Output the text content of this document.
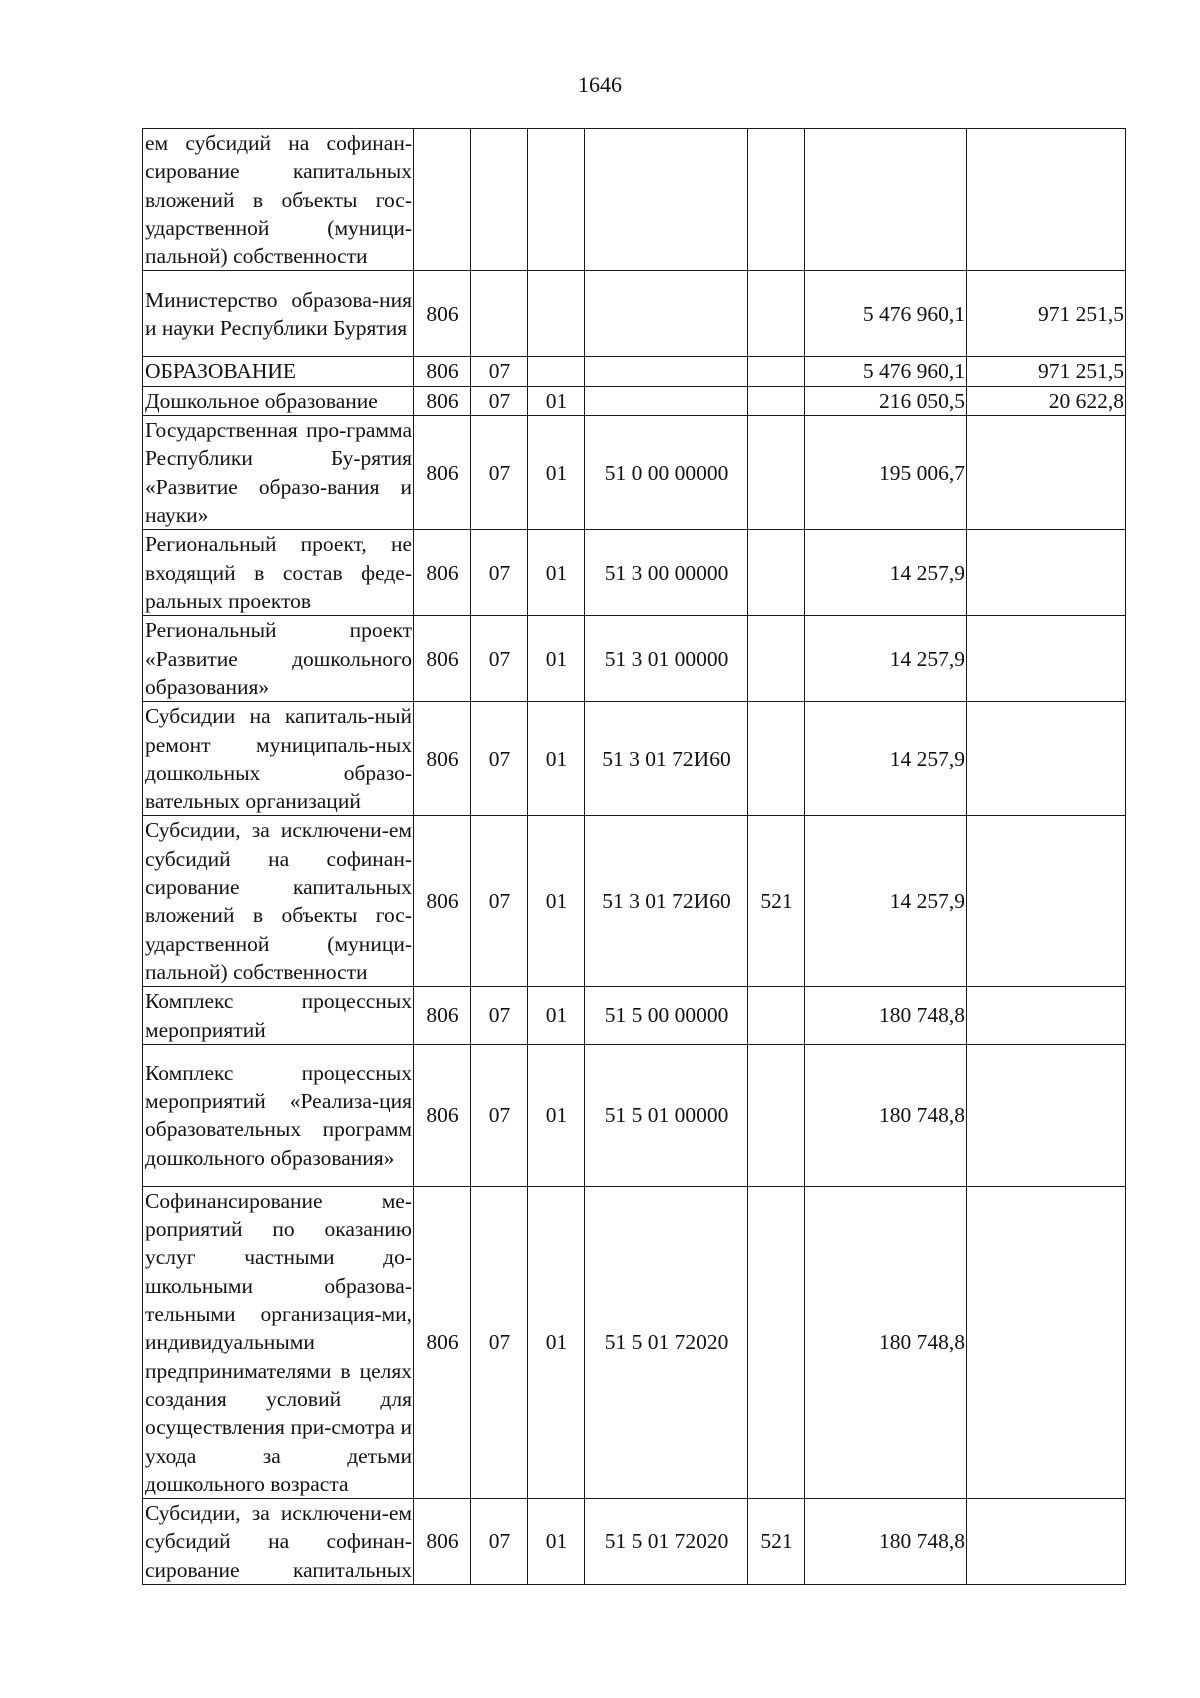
1646
ем субсидий на софинан-сирование капитальных вложений в объекты гос-ударственной (муници-пальной) собственности							
Министерство образова-ния и науки Республики Бурятия	806					5 476 960,1	971 251,5
ОБРАЗОВАНИЕ	806	07				5 476 960,1	971 251,5
Дошкольное образование	806	07	01			216 050,5	20 622,8
Государственная про-грамма Республики Бу-рятия «Развитие образо-вания и науки»	806	07	01	51 0 00 00000		195 006,7	
Региональный проект, не входящий в состав феде-ральных проектов	806	07	01	51 3 00 00000		14 257,9	
Региональный проект «Развитие дошкольного образования»	806	07	01	51 3 01 00000		14 257,9	
Субсидии на капиталь-ный ремонт муниципаль-ных дошкольных образо-вательных организаций	806	07	01	51 3 01 72И60		14 257,9	
Субсидии, за исключени-ем субсидий на софинан-сирование капитальных вложений в объекты гос-ударственной (муници-пальной) собственности	806	07	01	51 3 01 72И60	521	14 257,9	
Комплекс процессных мероприятий	806	07	01	51 5 00 00000		180 748,8	
Комплекс процессных мероприятий «Реализа-ция образовательных программ дошкольного образования»	806	07	01	51 5 01 00000		180 748,8	
Софинансирование ме-роприятий по оказанию услуг частными до-школьными образова-тельными организация-ми, индивидуальными предпринимателями в целях создания условий для осуществления при-смотра и ухода за детьми дошкольного возраста	806	07	01	51 5 01 72020		180 748,8	
Субсидии, за исключени-ем субсидий на софинан-сирование капитальных	806	07	01	51 5 01 72020	521	180 748,8	
